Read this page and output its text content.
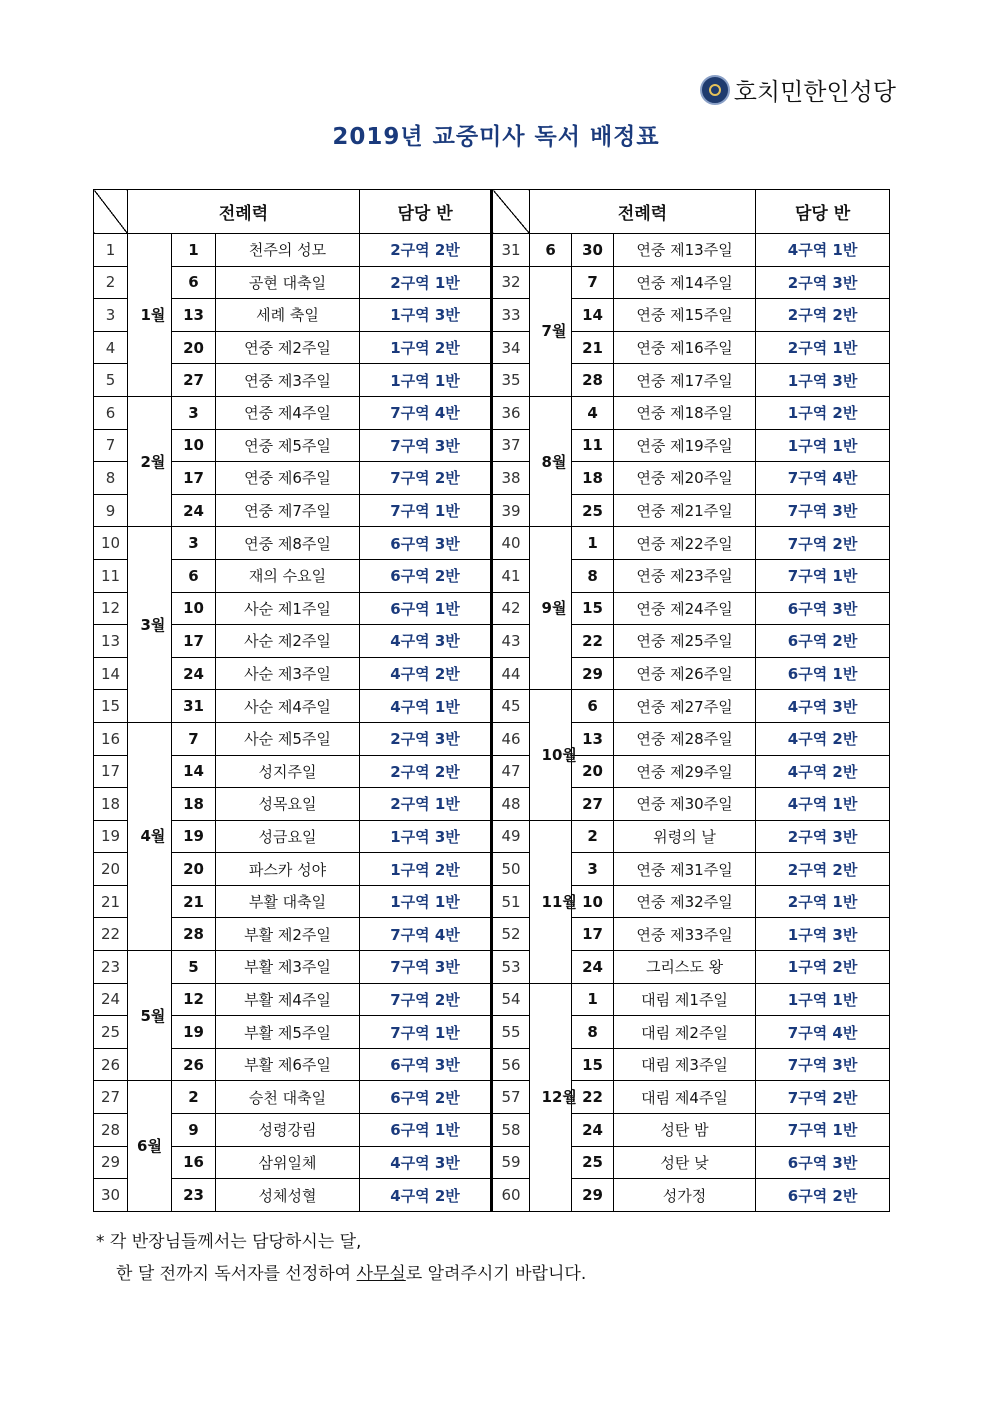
호치민한인성당
2019년 교중미사 독서 배정표
	전례력			담당 반		전례력			담당 반
1	1월	1	천주의 성모	2구역 2반	31	6	30	연중 제13주일	4구역 1반
2		6	공현 대축일	2구역 1반	32	7월	7	연중 제14주일	2구역 3반
3		13	세례 축일	1구역 3반	33		14	연중 제15주일	2구역 2반
4		20	연중 제2주일	1구역 2반	34		21	연중 제16주일	2구역 1반
5		27	연중 제3주일	1구역 1반	35		28	연중 제17주일	1구역 3반
6	2월	3	연중 제4주일	7구역 4반	36	8월	4	연중 제18주일	1구역 2반
7		10	연중 제5주일	7구역 3반	37		11	연중 제19주일	1구역 1반
8		17	연중 제6주일	7구역 2반	38		18	연중 제20주일	7구역 4반
9		24	연중 제7주일	7구역 1반	39		25	연중 제21주일	7구역 3반
10	3월	3	연중 제8주일	6구역 3반	40	9월	1	연중 제22주일	7구역 2반
11		6	재의 수요일	6구역 2반	41		8	연중 제23주일	7구역 1반
12		10	사순 제1주일	6구역 1반	42		15	연중 제24주일	6구역 3반
13		17	사순 제2주일	4구역 3반	43		22	연중 제25주일	6구역 2반
14		24	사순 제3주일	4구역 2반	44		29	연중 제26주일	6구역 1반
15		31	사순 제4주일	4구역 1반	45	10월	6	연중 제27주일	4구역 3반
16	4월	7	사순 제5주일	2구역 3반	46		13	연중 제28주일	4구역 2반
17		14	성지주일	2구역 2반	47		20	연중 제29주일	4구역 2반
18		18	성목요일	2구역 1반	48		27	연중 제30주일	4구역 1반
19		19	성금요일	1구역 3반	49	11월	2	위령의 날	2구역 3반
20		20	파스카 성야	1구역 2반	50		3	연중 제31주일	2구역 2반
21		21	부활 대축일	1구역 1반	51		10	연중 제32주일	2구역 1반
22		28	부활 제2주일	7구역 4반	52		17	연중 제33주일	1구역 3반
23	5월	5	부활 제3주일	7구역 3반	53		24	그리스도 왕	1구역 2반
24		12	부활 제4주일	7구역 2반	54	12월	1	대림 제1주일	1구역 1반
25		19	부활 제5주일	7구역 1반	55		8	대림 제2주일	7구역 4반
26		26	부활 제6주일	6구역 3반	56		15	대림 제3주일	7구역 3반
27	6월	2	승천 대축일	6구역 2반	57		22	대림 제4주일	7구역 2반
28		9	성령강림	6구역 1반	58		24	성탄 밤	7구역 1반
29		16	삼위일체	4구역 3반	59		25	성탄 낮	6구역 3반
30		23	성체성혈	4구역 2반	60		29	성가정	6구역 2반
* 각 반장님들께서는 담당하시는 달,
한 달 전까지 독서자를 선정하여 사무실로 알려주시기 바랍니다.
